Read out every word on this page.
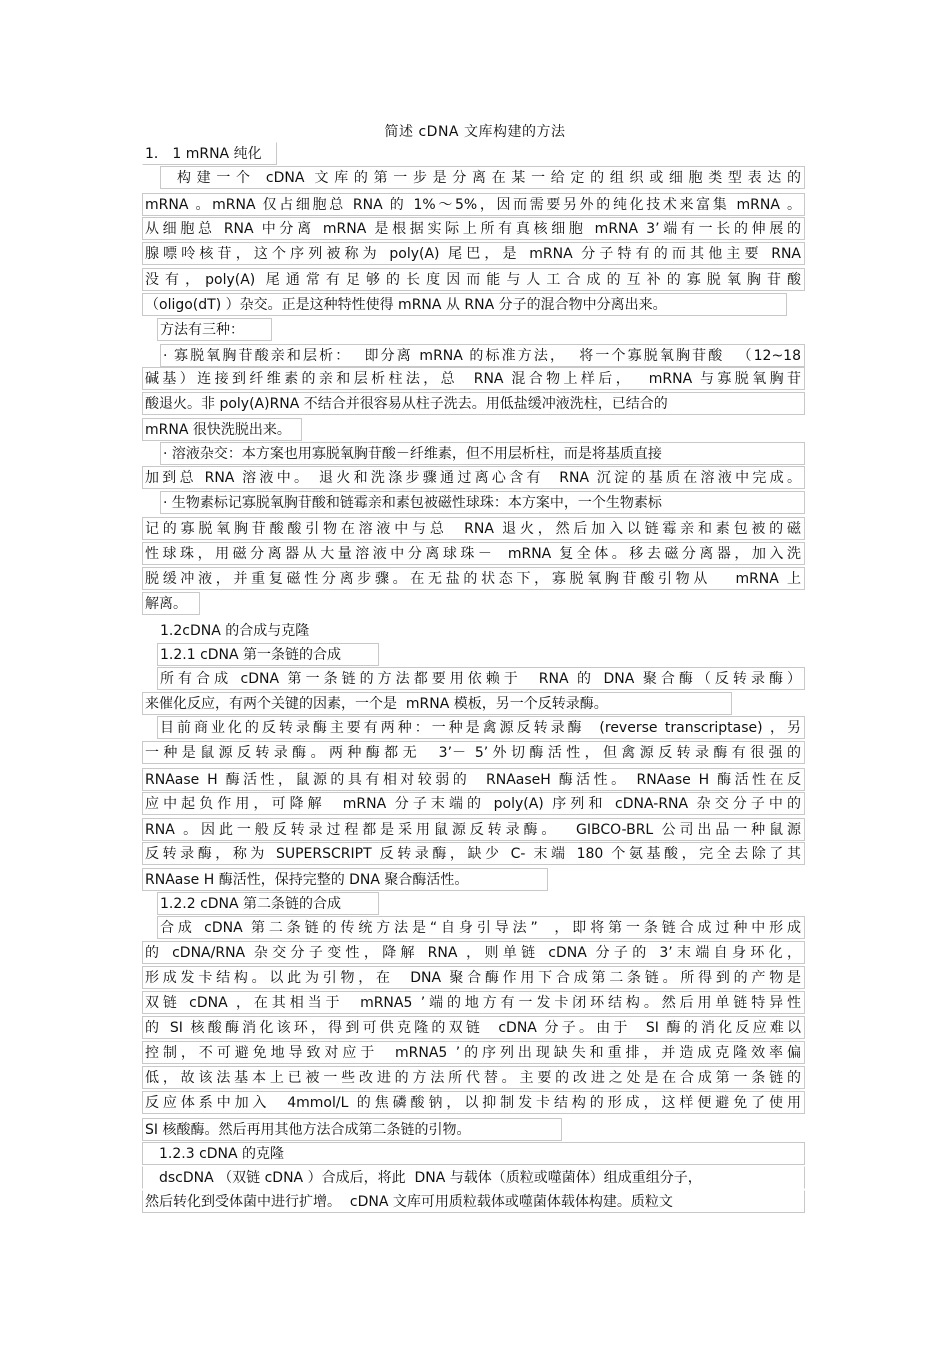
简述 cDNA 文库构建的方法
1． 1 mRNA 纯化
构建一个 cDNA 文库的第一步是分离在某一给定的组织或细胞类型表达的
mRNA 。mRNA 仅占细胞总 RNA 的 1%～5%，因而需要另外的纯化技术来富集 mRNA 。
从细胞总 RNA 中分离 mRNA 是根据实际上所有真核细胞 mRNA 3’端有一长的伸展的
腺嘌呤核苷，这个序列被称为 poly(A) 尾巴，是 mRNA 分子特有的而其他主要 RNA
没有，poly(A) 尾通常有足够的长度因而能与人工合成的互补的寡脱氧胸苷酸
（oligo(dT) ）杂交。正是这种特性使得 mRNA 从 RNA 分子的混合物中分离出来。
方法有三种：
· 寡脱氧胸苷酸亲和层析：  即分离 mRNA 的标准方法，  将一个寡脱氧胸苷酸  （12~18
碱基）连接到纤维素的亲和层析柱法，总  RNA 混合物上样后，  mRNA 与寡脱氧胸苷
酸退火。非 poly(A)RNA 不结合并很容易从柱子洗去。用低盐缓冲液洗柱，已结合的
mRNA 很快洗脱出来。
· 溶液杂交：本方案也用寡脱氧胸苷酸－纤维素，但不用层析柱，而是将基质直接
加到总 RNA 溶液中。 退火和洗涤步骤通过离心含有  RNA 沉淀的基质在溶液中完成。
· 生物素标记寡脱氧胸苷酸和链霉亲和素包被磁性球珠：本方案中，一个生物素标
记的寡脱氧胸苷酸酸引物在溶液中与总  RNA 退火，然后加入以链霉亲和素包被的磁
性球珠，用磁分离器从大量溶液中分离球珠－  mRNA 复全体。移去磁分离器，加入洗
脱缓冲液，并重复磁性分离步骤。在无盐的状态下，寡脱氧胸苷酸引物从   mRNA 上
解离。
1.2cDNA 的合成与克隆
1.2.1 cDNA 第一条链的合成
所有合成 cDNA 第一条链的方法都要用依赖于  RNA 的 DNA 聚合酶（反转录酶）
来催化反应，有两个关键的因素，一个是  mRNA 模板，另一个反转录酶。
目前商业化的反转录酶主要有两种：一种是禽源反转录酶  (reverse transcriptase) ，另
一种是鼠源反转录酶。两种酶都无  3’－ 5’外切酶活性，但禽源反转录酶有很强的
RNAase H 酶活性，鼠源的具有相对较弱的  RNAaseH 酶活性。 RNAase H 酶活性在反
应中起负作用，可降解  mRNA 分子末端的 poly(A) 序列和 cDNA-RNA 杂交分子中的
RNA 。因此一般反转录过程都是采用鼠源反转录酶。  GIBCO-BRL 公司出品一种鼠源
反转录酶，称为 SUPERSCRIPT 反转录酶，缺少 C- 末端 180 个氨基酸，完全去除了其
RNAase H 酶活性，保持完整的 DNA 聚合酶活性。
1.2.2 cDNA 第二条链的合成
合成 cDNA 第二条链的传统方法是“自身引导法”  ，即将第一条链合成过种中形成
的 cDNA/RNA 杂交分子变性，降解 RNA ，则单链 cDNA 分子的 3’末端自身环化，
形成发卡结构。以此为引物，在  DNA 聚合酶作用下合成第二条链。所得到的产物是
双链 cDNA ，在其相当于  mRNA5 ’端的地方有一发卡闭环结构。然后用单链特异性
的 SI 核酸酶消化该环，得到可供克隆的双链  cDNA 分子。由于  SI 酶的消化反应难以
控制，不可避免地导致对应于  mRNA5 ’的序列出现缺失和重排，并造成克隆效率偏
低，故该法基本上已被一些改进的方法所代替。主要的改进之处是在合成第一条链的
反应体系中加入  4mmol/L 的焦磷酸钠，以抑制发卡结构的形成，这样便避免了使用
SI 核酸酶。然后再用其他方法合成第二条链的引物。
1.2.3 cDNA 的克隆
dscDNA （双链 cDNA ）合成后，将此  DNA 与载体（质粒或噬菌体）组成重组分子，
然后转化到受体菌中进行扩增。  cDNA 文库可用质粒载体或噬菌体载体构建。质粒文
